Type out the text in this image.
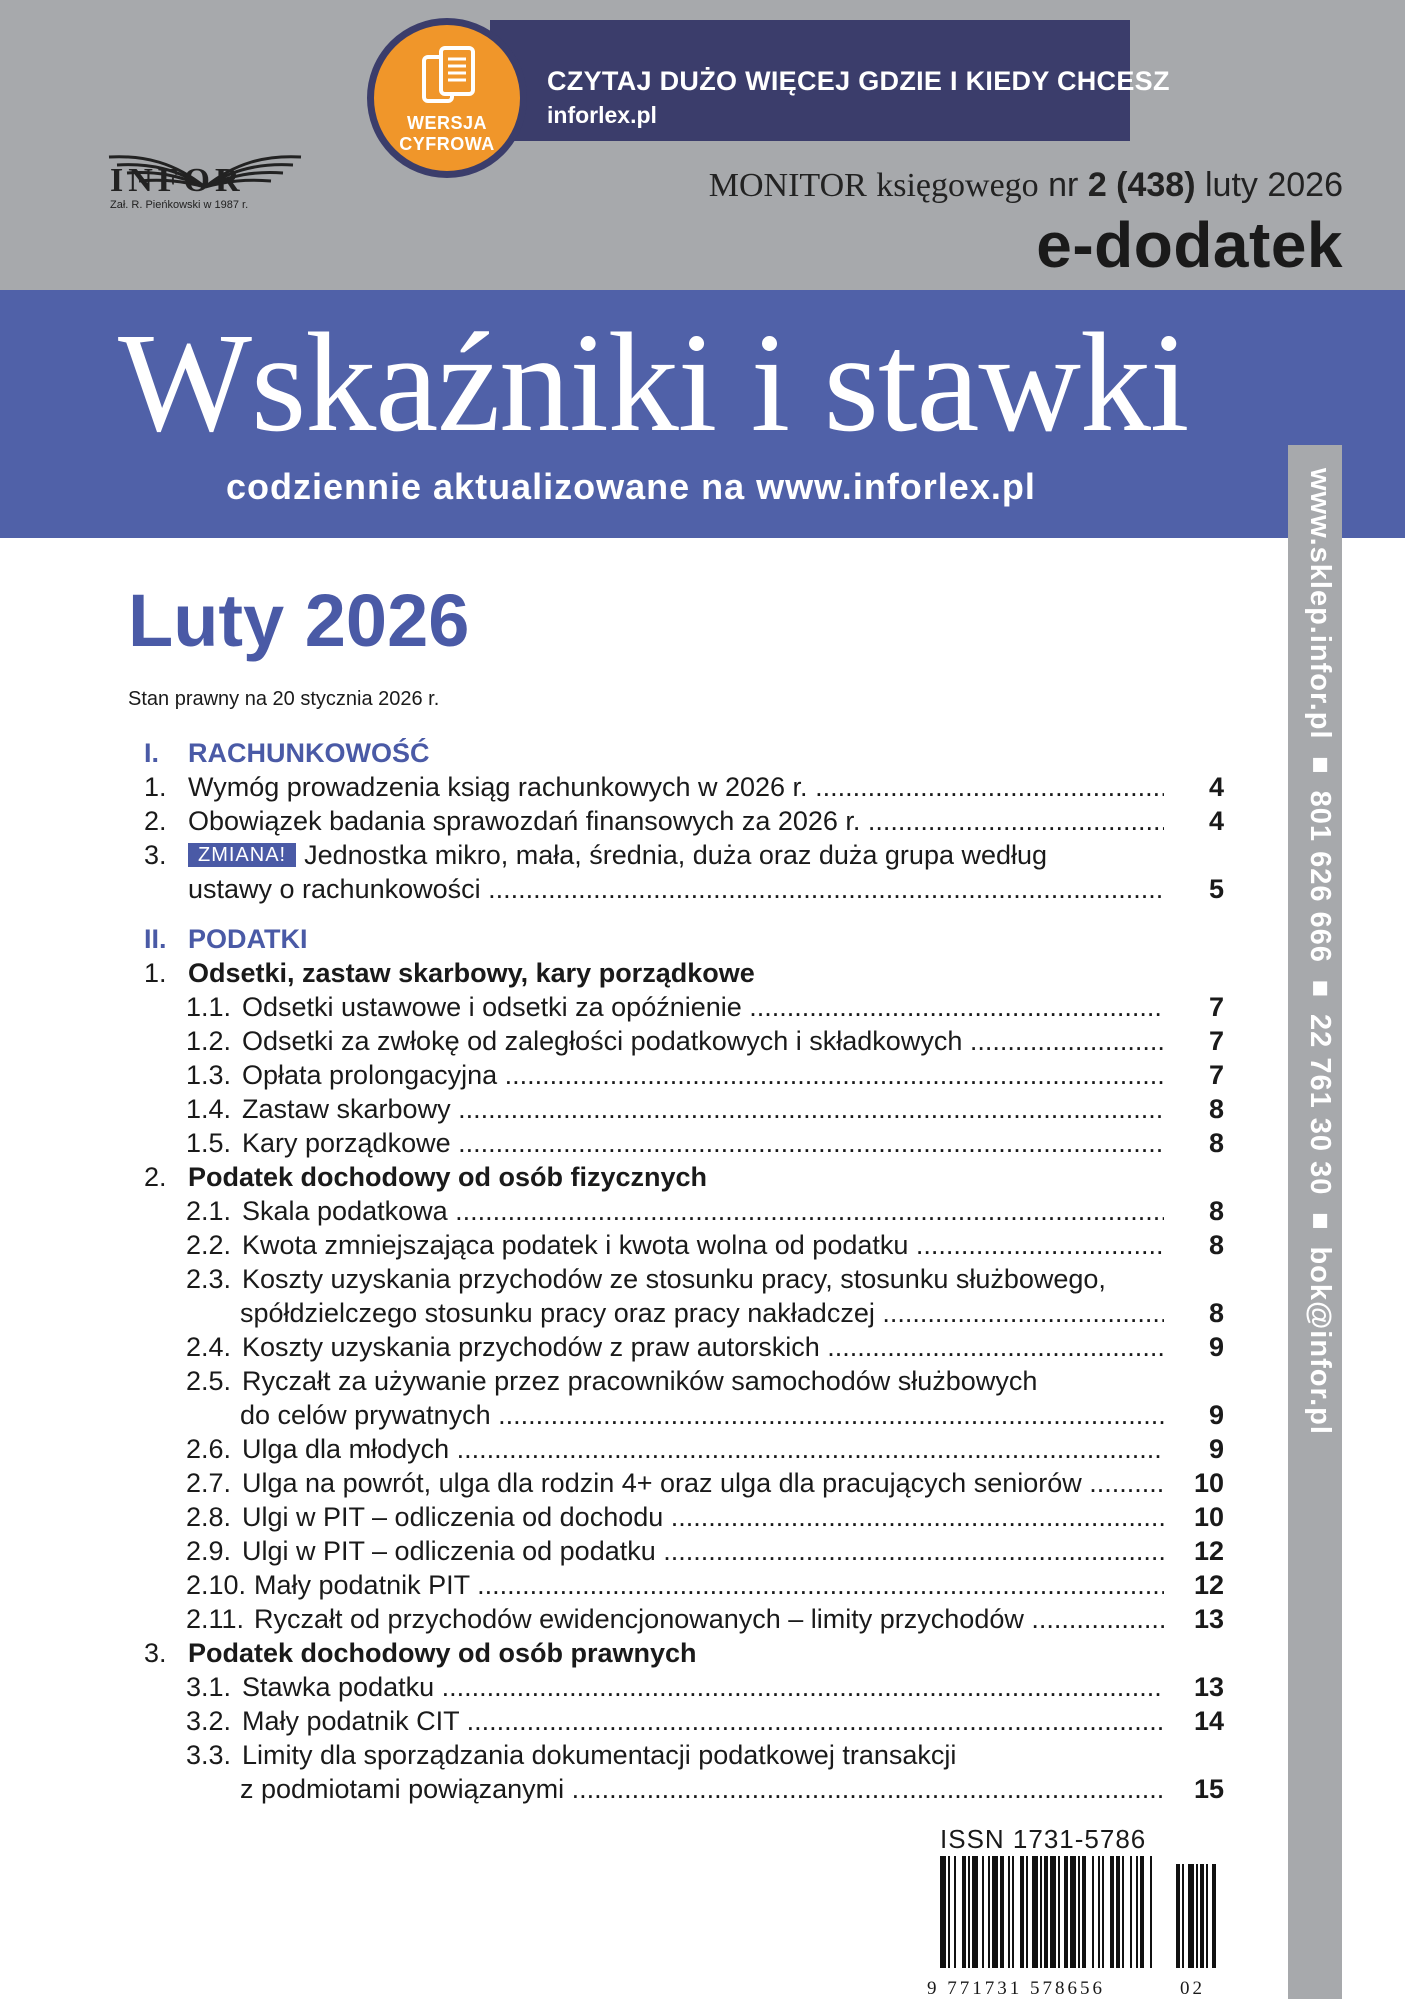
CZYTAJ DUŻO WIĘCEJ GDZIE I KIEDY CHCESZ
inforlex.pl
WERSJA
CYFROWA
INFOR
Zał. R. Pieńkowski w 1987 r.
MONITOR księgowego nr 2 (438) luty 2026
e-dodatek
Wskaźniki i stawki
codziennie aktualizowane na www.inforlex.pl	www.sklep.infor.pl ■ 801 626 666 ■ 22 761 30 30 ■ bok@infor.pl
Luty 2026
Stan prawny na 20 stycznia 2026 r.
I. RACHUNKOWOŚĆ
1. Wymóg prowadzenia ksiąg rachunkowych w 2026 r. .....	4
2. Obowiązek badania sprawozdań finansowych za 2026 r. .....	4
3.	ZMIANA! Jednostka mikro, mała, średnia, duża oraz duża grupa według
ustawy o rachunkowości .....	5
II. PODATKI
1. Odsetki, zastaw skarbowy, kary porządkowe
1.1. Odsetki ustawowe i odsetki za opóźnienie .....	7
1.2. Odsetki za zwłokę od zaległości podatkowych i składkowych .....	7
1.3. Opłata prolongacyjna .....	7
1.4. Zastaw skarbowy .....	8
1.5. Kary porządkowe .....	8
2. Podatek dochodowy od osób fizycznych
2.1. Skala podatkowa .....	8
2.2. Kwota zmniejszająca podatek i kwota wolna od podatku .....	8
2.3. Koszty uzyskania przychodów ze stosunku pracy, stosunku służbowego,
spółdzielczego stosunku pracy oraz pracy nakładczej .....	8
2.4. Koszty uzyskania przychodów z praw autorskich .....	9
2.5. Ryczałt za używanie przez pracowników samochodów służbowych
do celów prywatnych .....	9
2.6. Ulga dla młodych .....	9
2.7. Ulga na powrót, ulga dla rodzin 4+ oraz ulga dla pracujących seniorów .....	10
2.8. Ulgi w PIT – odliczenia od dochodu .....	10
2.9. Ulgi w PIT – odliczenia od podatku .....	12
2.10. Mały podatnik PIT .....	12
2.11. Ryczałt od przychodów ewidencjonowanych – limity przychodów .....	13
3. Podatek dochodowy od osób prawnych
3.1. Stawka podatku .....	13
3.2. Mały podatnik CIT .....	14
3.3. Limity dla sporządzania dokumentacji podatkowej transakcji
z podmiotami powiązanymi .....	15
ISSN 1731-5786
9 771731 578656	02
